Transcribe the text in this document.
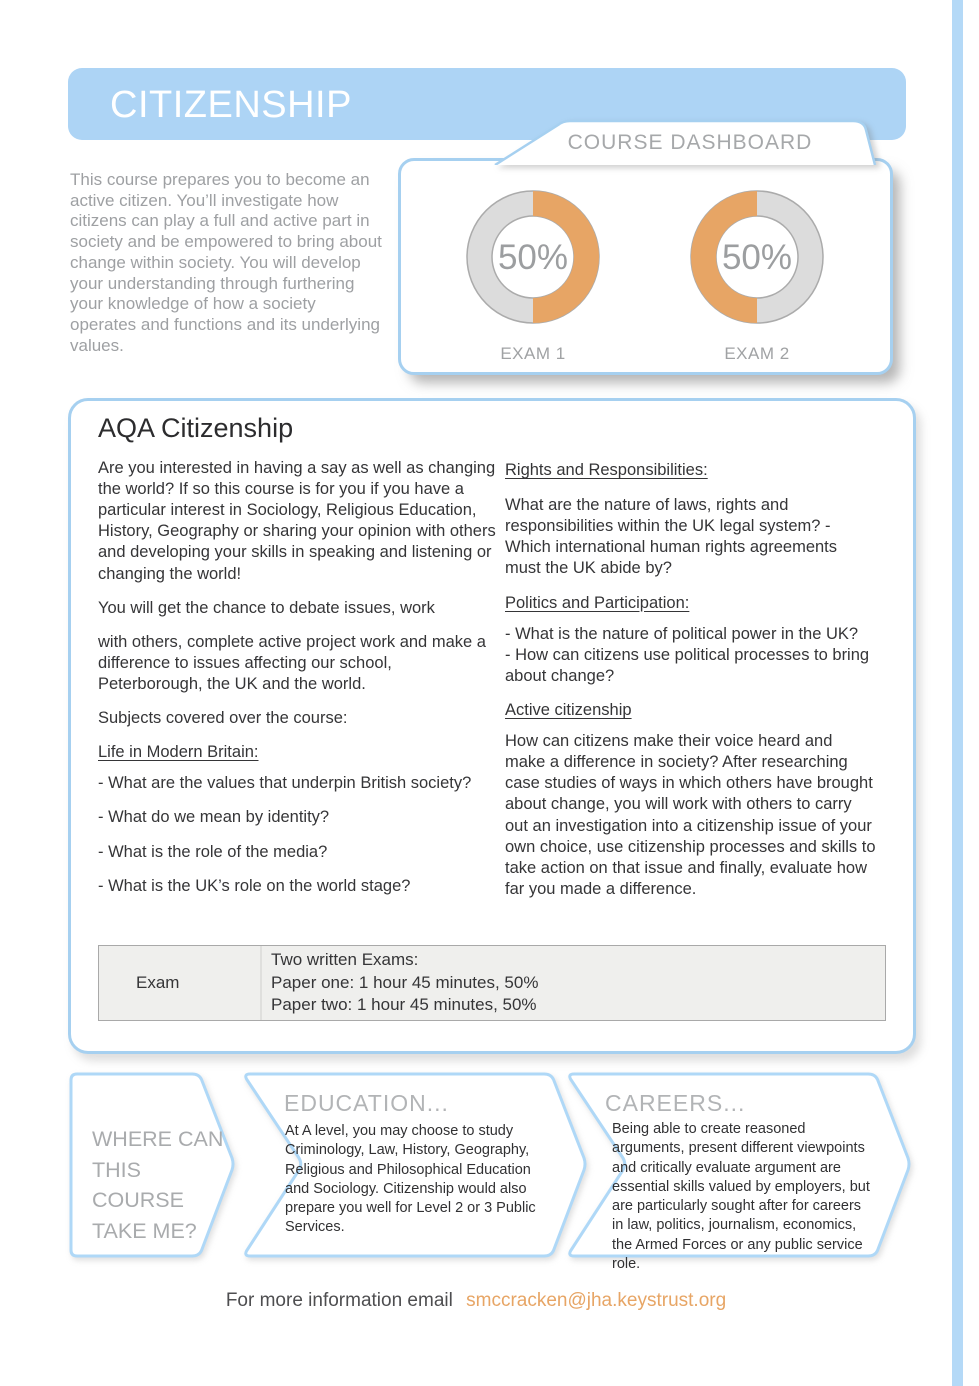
CITIZENSHIP
This course prepares you to become an active citizen. You’ll investigate how citizens can play a full and active part in society and be empowered to bring about change within society. You will develop your understanding through furthering your knowledge of how a society operates and functions and its underlying values.
COURSE DASHBOARD
50%
EXAM 1
50%
EXAM 2
AQA Citizenship

Are you interested in having a say as well as changing the world? If so this course is for you if you have a particular interest in Sociology, Religious Education, History, Geography or sharing your opinion with others and developing your skills in speaking and listening or changing the world!

You will get the chance to debate issues, work

with others, complete active project work and make a difference to issues affecting our school, Peterborough, the UK and the world.

Subjects covered over the course:

Life in Modern Britain:

- What are the values that underpin British society?

- What do we mean by identity?

- What is the role of the media?

- What is the UK’s role on the world stage?

Rights and Responsibilities:

What are the nature of laws, rights and responsibilities within the UK legal system? - Which international human rights agreements must the UK abide by?

Politics and Participation:

- What is the nature of political power in the UK?

- How can citizens use political processes to bring about change?

Active citizenship

How can citizens make their voice heard and make a difference in society? After researching case studies of ways in which others have brought about change, you will work with others to carry out an investigation into a citizenship issue of your own choice, use citizenship processes and skills to take action on that issue and finally, evaluate how far you made a difference.

Exam
Two written Exams:
Paper one: 1 hour 45 minutes, 50%
Paper two: 1 hour 45 minutes, 50%
WHERE CAN
THIS COURSE
TAKE ME?
EDUCATION...
At A level, you may choose to study Criminology, Law, History, Geography, Religious and Philosophical Education and Sociology. Citizenship would also prepare you well for Level 2 or 3 Public Services.
CAREERS...
Being able to create reasoned arguments, present different viewpoints and critically evaluate argument are essential skills valued by employers, but are particularly sought after for careers in law, politics, journalism, economics, the Armed Forces or any public service role.
For more information email smccracken@jha.keystrust.org
